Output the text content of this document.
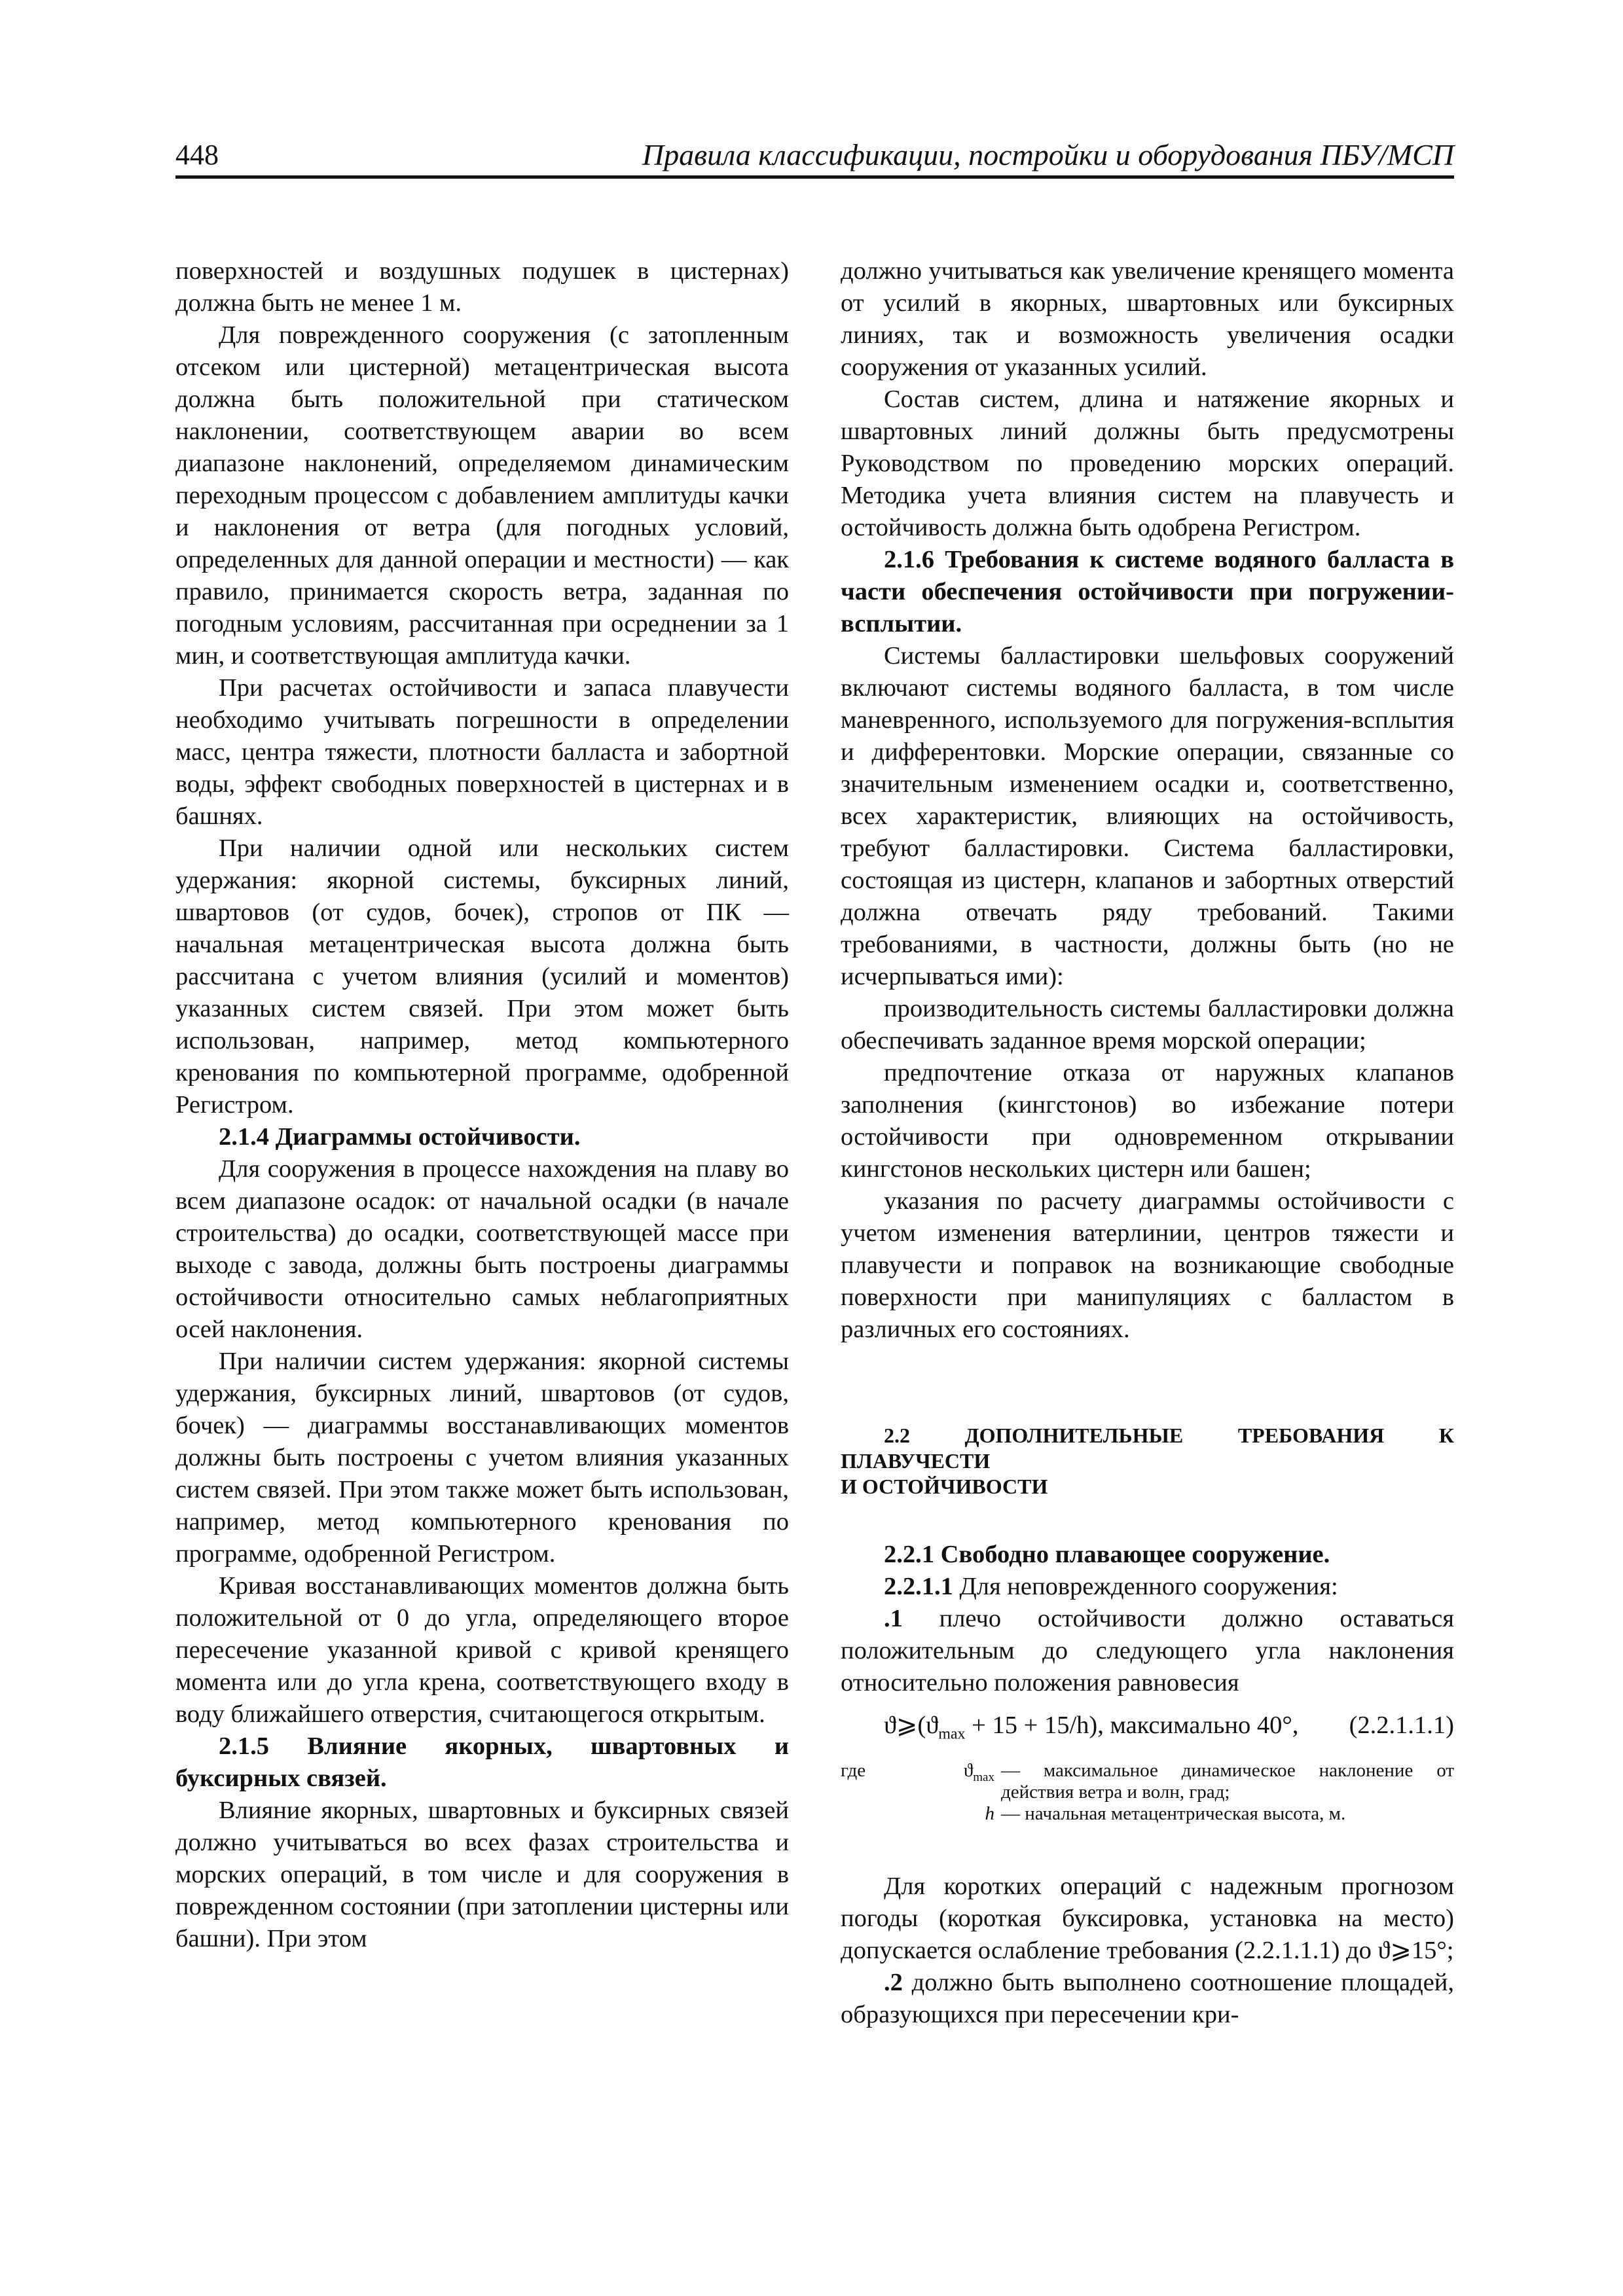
448	Правила классификации, постройки и оборудования ПБУ/МСП

поверхностей и воздушных подушек в цистернах) должна быть не менее 1 м.

Для поврежденного сооружения (с затопленным отсеком или цистерной) метацентрическая высота должна быть положительной при статическом наклонении, соответствующем аварии во всем диапазоне наклонений, определяемом динамическим переходным процессом с добавлением амплитуды качки и наклонения от ветра (для погодных условий, определенных для данной операции и местности) — как правило, принимается скорость ветра, заданная по погодным условиям, рассчитанная при осреднении за 1 мин, и соответствующая амплитуда качки.

При расчетах остойчивости и запаса плавучести необходимо учитывать погрешности в определении масс, центра тяжести, плотности балласта и забортной воды, эффект свободных поверхностей в цистернах и в башнях.

При наличии одной или нескольких систем удержания: якорной системы, буксирных линий, швартовов (от судов, бочек), стропов от ПК — начальная метацентрическая высота должна быть рассчитана с учетом влияния (усилий и моментов) указанных систем связей. При этом может быть использован, например, метод компьютерного кренования по компьютерной программе, одобренной Регистром.

2.1.4 Диаграммы остойчивости.

Для сооружения в процессе нахождения на плаву во всем диапазоне осадок: от начальной осадки (в начале строительства) до осадки, соответствующей массе при выходе с завода, должны быть построены диаграммы остойчивости относительно самых неблагоприятных осей наклонения.

При наличии систем удержания: якорной системы удержания, буксирных линий, швартовов (от судов, бочек) — диаграммы восстанавливающих моментов должны быть построены с учетом влияния указанных систем связей. При этом также может быть использован, например, метод компьютерного кренования по программе, одобренной Регистром.

Кривая восстанавливающих моментов должна быть положительной от 0 до угла, определяющего второе пересечение указанной кривой с кривой кренящего момента или до угла крена, соответствующего входу в воду ближайшего отверстия, считающегося открытым.

2.1.5 Влияние якорных, швартовных и буксирных связей.

Влияние якорных, швартовных и буксирных связей должно учитываться во всех фазах строительства и морских операций, в том числе и для сооружения в поврежденном состоянии (при затоплении цистерны или башни). При этом

должно учитываться как увеличение кренящего момента от усилий в якорных, швартовных или буксирных линиях, так и возможность увеличения осадки сооружения от указанных усилий.

Состав систем, длина и натяжение якорных и швартовных линий должны быть предусмотрены Руководством по проведению морских операций. Методика учета влияния систем на плавучесть и остойчивость должна быть одобрена Регистром.

2.1.6 Требования к системе водяного балласта в части обеспечения остойчивости при погружении-всплытии.

Системы балластировки шельфовых сооружений включают системы водяного балласта, в том числе маневренного, используемого для погружения-всплытия и дифферентовки. Морские операции, связанные со значительным изменением осадки и, соответственно, всех характеристик, влияющих на остойчивость, требуют балластировки. Система балластировки, состоящая из цистерн, клапанов и забортных отверстий должна отвечать ряду требований. Такими требованиями, в частности, должны быть (но не исчерпываться ими):

производительность системы балластировки должна обеспечивать заданное время морской операции;

предпочтение отказа от наружных клапанов заполнения (кингстонов) во избежание потери остойчивости при одновременном открывании кингстонов нескольких цистерн или башен;

указания по расчету диаграммы остойчивости с учетом изменения ватерлинии, центров тяжести и плавучести и поправок на возникающие свободные поверхности при манипуляциях с балластом в различных его состояниях.

2.2 ДОПОЛНИТЕЛЬНЫЕ ТРЕБОВАНИЯ К ПЛАВУЧЕСТИ
И ОСТОЙЧИВОСТИ

2.2.1 Свободно плавающее сооружение.

2.2.1.1 Для неповрежденного сооружения:

.1 плечо остойчивости должно оставаться положительным до следующего угла наклонения относительно положения равновесия

$ϑ⩾(ϑ_{max} + 15 + 15/h)$, максимально 40°,	(2.2.1.1.1)

где	$ϑ_{max}$ — максимальное динамическое наклонение от действия ветра и волн, град;
h — начальная метацентрическая высота, м.

Для коротких операций с надежным прогнозом погоды (короткая буксировка, установка на место) допускается ослабление требования (2.2.1.1.1) до ϑ⩾15°;

.2 должно быть выполнено соотношение площадей, образующихся при пересечении кри-
